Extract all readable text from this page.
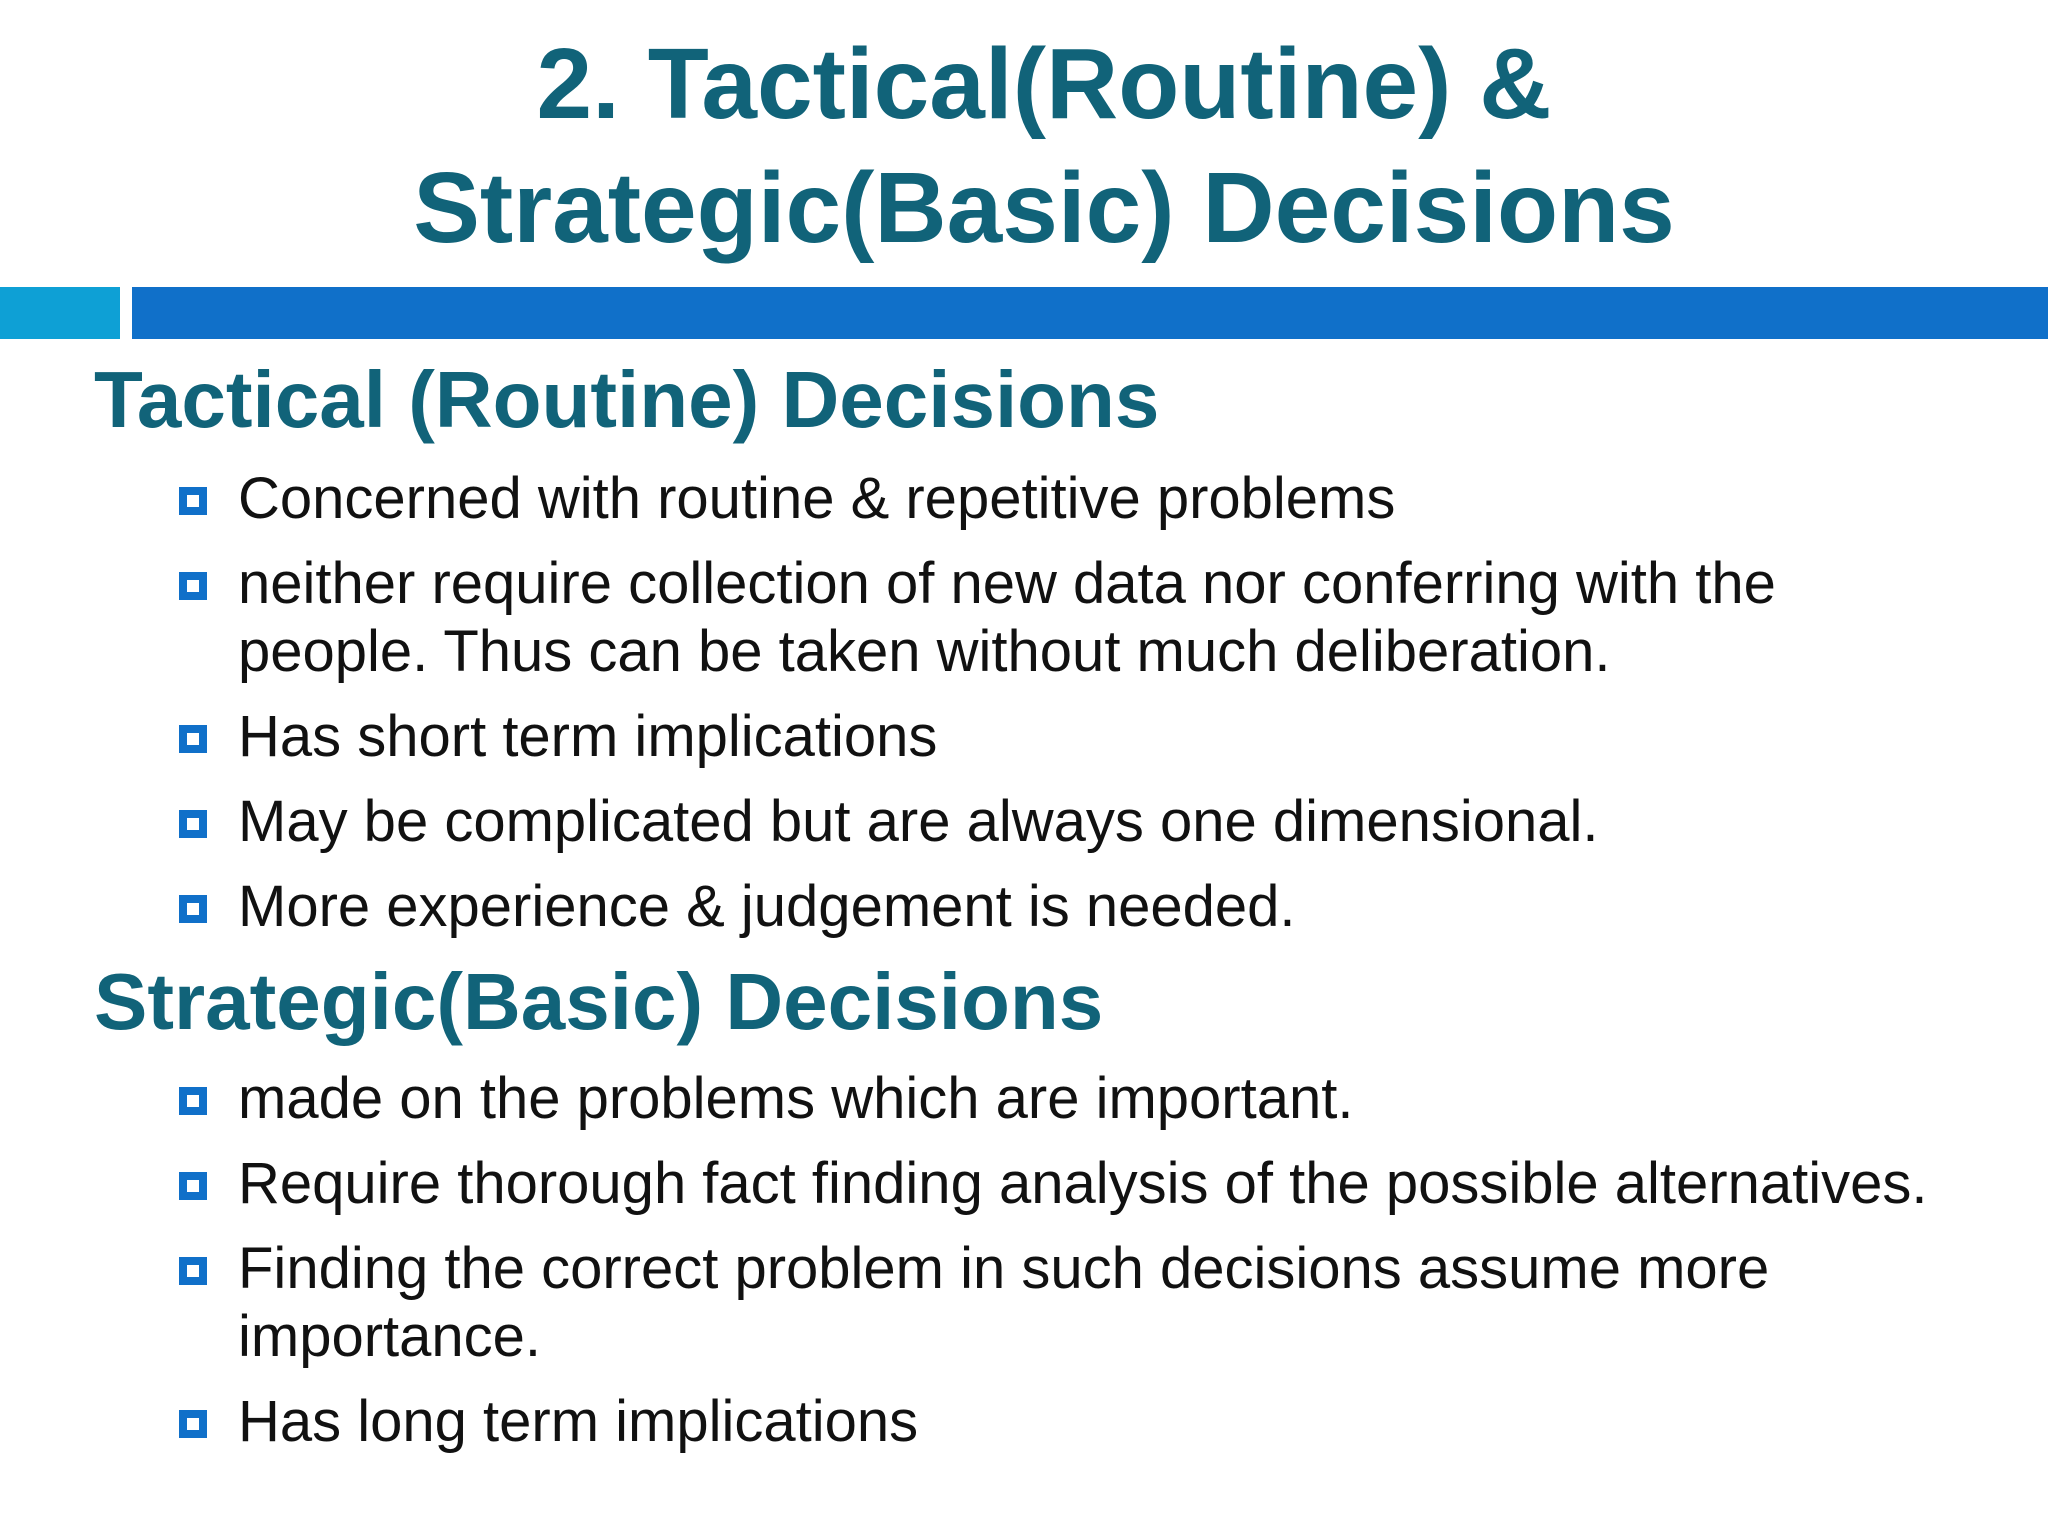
2. Tactical(Routine) &
Strategic(Basic) Decisions
Tactical (Routine) Decisions
Concerned with routine & repetitive problems
neither require collection of new data nor conferring with the people. Thus can be taken without much deliberation.
Has short term implications
May be complicated but are always one dimensional.
More experience & judgement is needed.
Strategic(Basic) Decisions
made on the problems which are important.
Require thorough fact finding analysis of the possible alternatives.
Finding the correct problem in such decisions assume more importance.
Has long term implications
